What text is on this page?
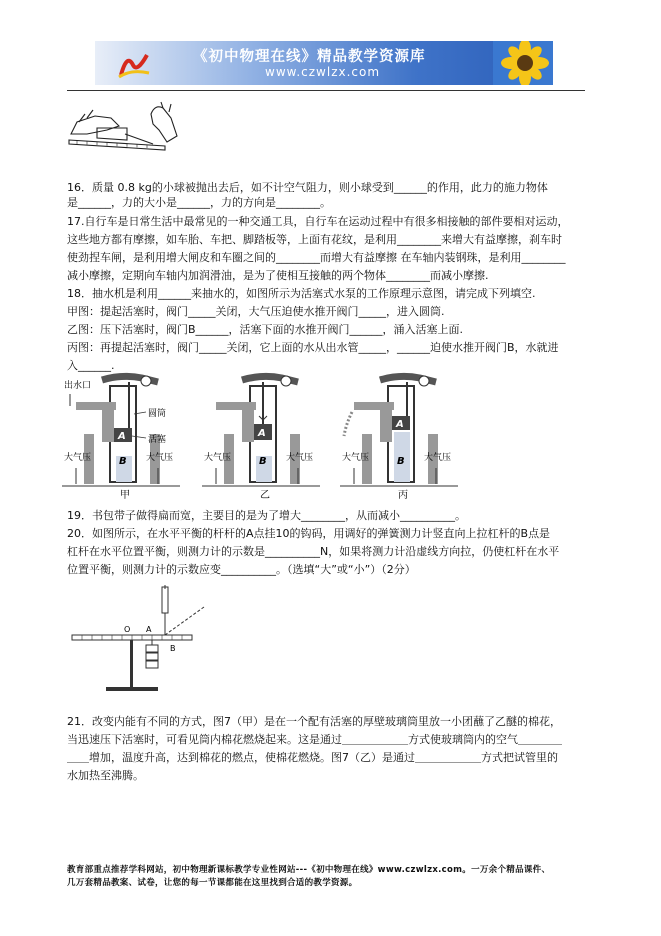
《初中物理在线》精品教学资源库
www.czwlzx.com
16．质量 0.8 kg的小球被抛出去后，如不计空气阻力，则小球受到______的作用，此力的施力物体
是______，力的大小是______，力的方向是________。
17.自行车是日常生活中最常见的一种交通工具，自行车在运动过程中有很多相接触的部件要相对运动，
这些地方都有摩擦，如车胎、车把、脚踏板等，上面有花纹，是利用________来增大有益摩擦，刹车时
使劲捏车闸，是利用增大闸皮和车圈之间的________而增大有益摩擦 在车轴内装钢珠，是利用________
减小摩擦，定期向车轴内加润滑油，是为了使相互接触的两个物体________而减小摩擦.
18．抽水机是利用______来抽水的，如图所示为活塞式水泵的工作原理示意图，请完成下列填空.
甲图：提起活塞时，阀门_____关闭，大气压迫使水推开阀门_____，进入圆筒.
乙图：压下活塞时，阀门B______，活塞下面的水推开阀门______，涌入活塞上面.
丙图：再提起活塞时，阀门_____关闭，它上面的水从出水管_____，______迫使水推开阀门B，水就进
入______.
A
B
出水口
圆筒
活塞
大气压	大气压
甲
A
B
大气压	大气压
乙
A
B
大气压	大气压
丙
19．书包带子做得扁而宽，主要目的是为了增大________，从而减小__________。
20．如图所示，在水平平衡的杆杆的A点挂10的钩码，用调好的弹簧测力计竖直向上拉杠杆的B点是
杠杆在水平位置平衡，则测力计的示数是__________N，如果将测力计沿虚线方向拉，仍使杠杆在水平
位置平衡，则测力计的示数应变__________。（选填“大”或“小”）（2分）
O A
B
21．改变内能有不同的方式，图7（甲）是在一个配有活塞的厚壁玻璃筒里放一小团蘸了乙醚的棉花，
当迅速压下活塞时，可看见筒内棉花燃烧起来。这是通过＿＿＿＿＿＿方式使玻璃筒内的空气＿＿＿＿
＿＿增加，温度升高，达到棉花的燃点，使棉花燃烧。图7（乙）是通过＿＿＿＿＿＿方式把试管里的
水加热至沸腾。
教育部重点推荐学科网站，初中物理新课标教学专业性网站---《初中物理在线》www.czwlzx.com。一万余个精品课件、
几万套精品教案、试卷，让您的每一节课都能在这里找到合适的教学资源。
